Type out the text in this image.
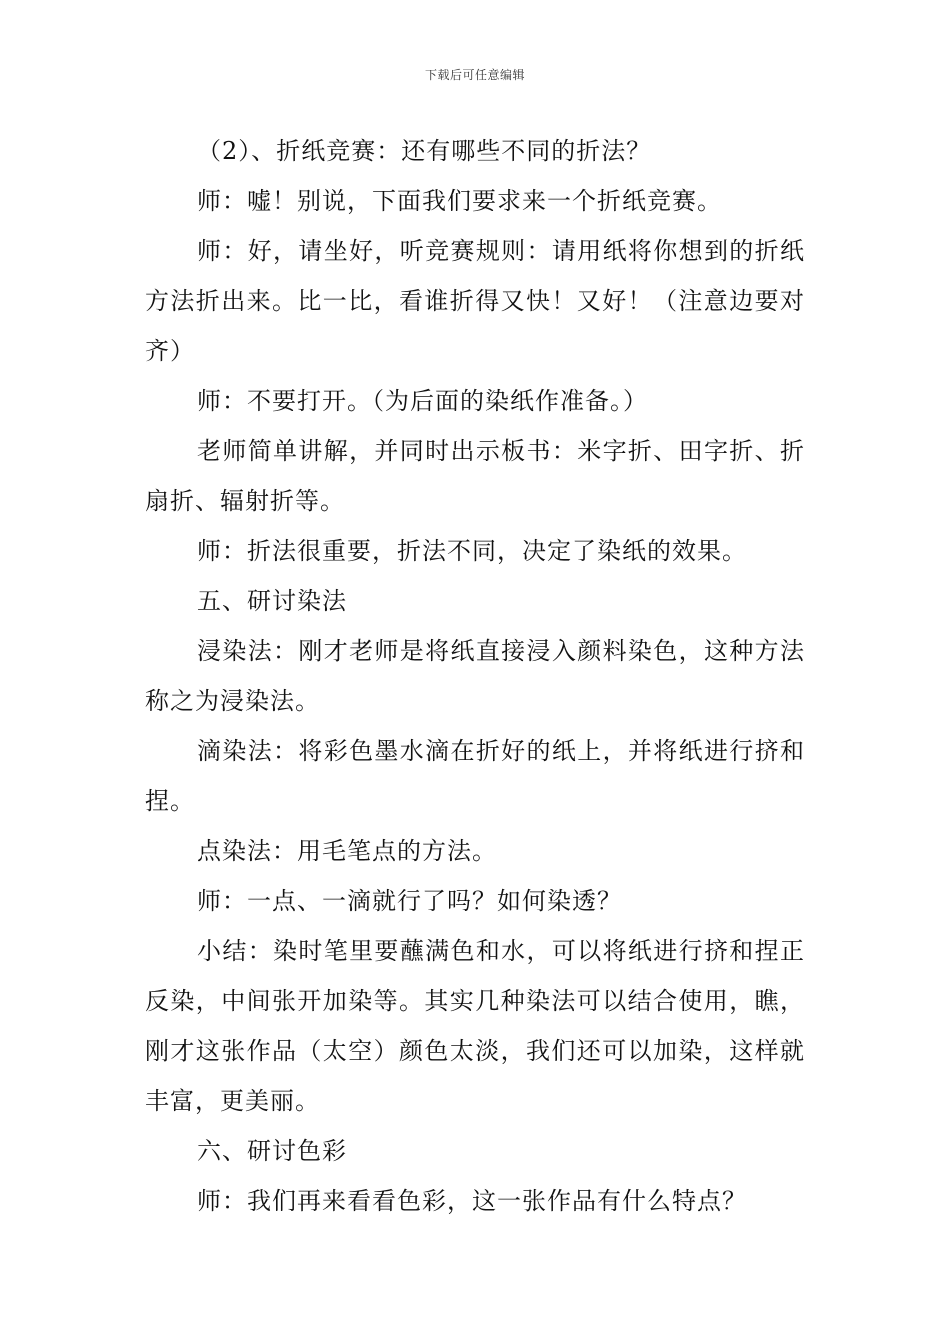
下载后可任意编辑

（2）、折纸竞赛：还有哪些不同的折法？

师：嘘！别说，下面我们要求来一个折纸竞赛。

师：好，请坐好，听竞赛规则：请用纸将你想到的折纸方法折出来。比一比，看谁折得又快！又好！（注意边要对齐）

师：不要打开。（为后面的染纸作准备。）

老师简单讲解，并同时出示板书：米字折、田字折、折扇折、辐射折等。

师：折法很重要，折法不同，决定了染纸的效果。

五、研讨染法

浸染法：刚才老师是将纸直接浸入颜料染色，这种方法称之为浸染法。

滴染法：将彩色墨水滴在折好的纸上，并将纸进行挤和捏。

点染法：用毛笔点的方法。

师：一点、一滴就行了吗？如何染透？

小结：染时笔里要蘸满色和水，可以将纸进行挤和捏正反染，中间张开加染等。其实几种染法可以结合使用，瞧，刚才这张作品（太空）颜色太淡，我们还可以加染，这样就丰富，更美丽。

六、研讨色彩

师：我们再来看看色彩，这一张作品有什么特点？
